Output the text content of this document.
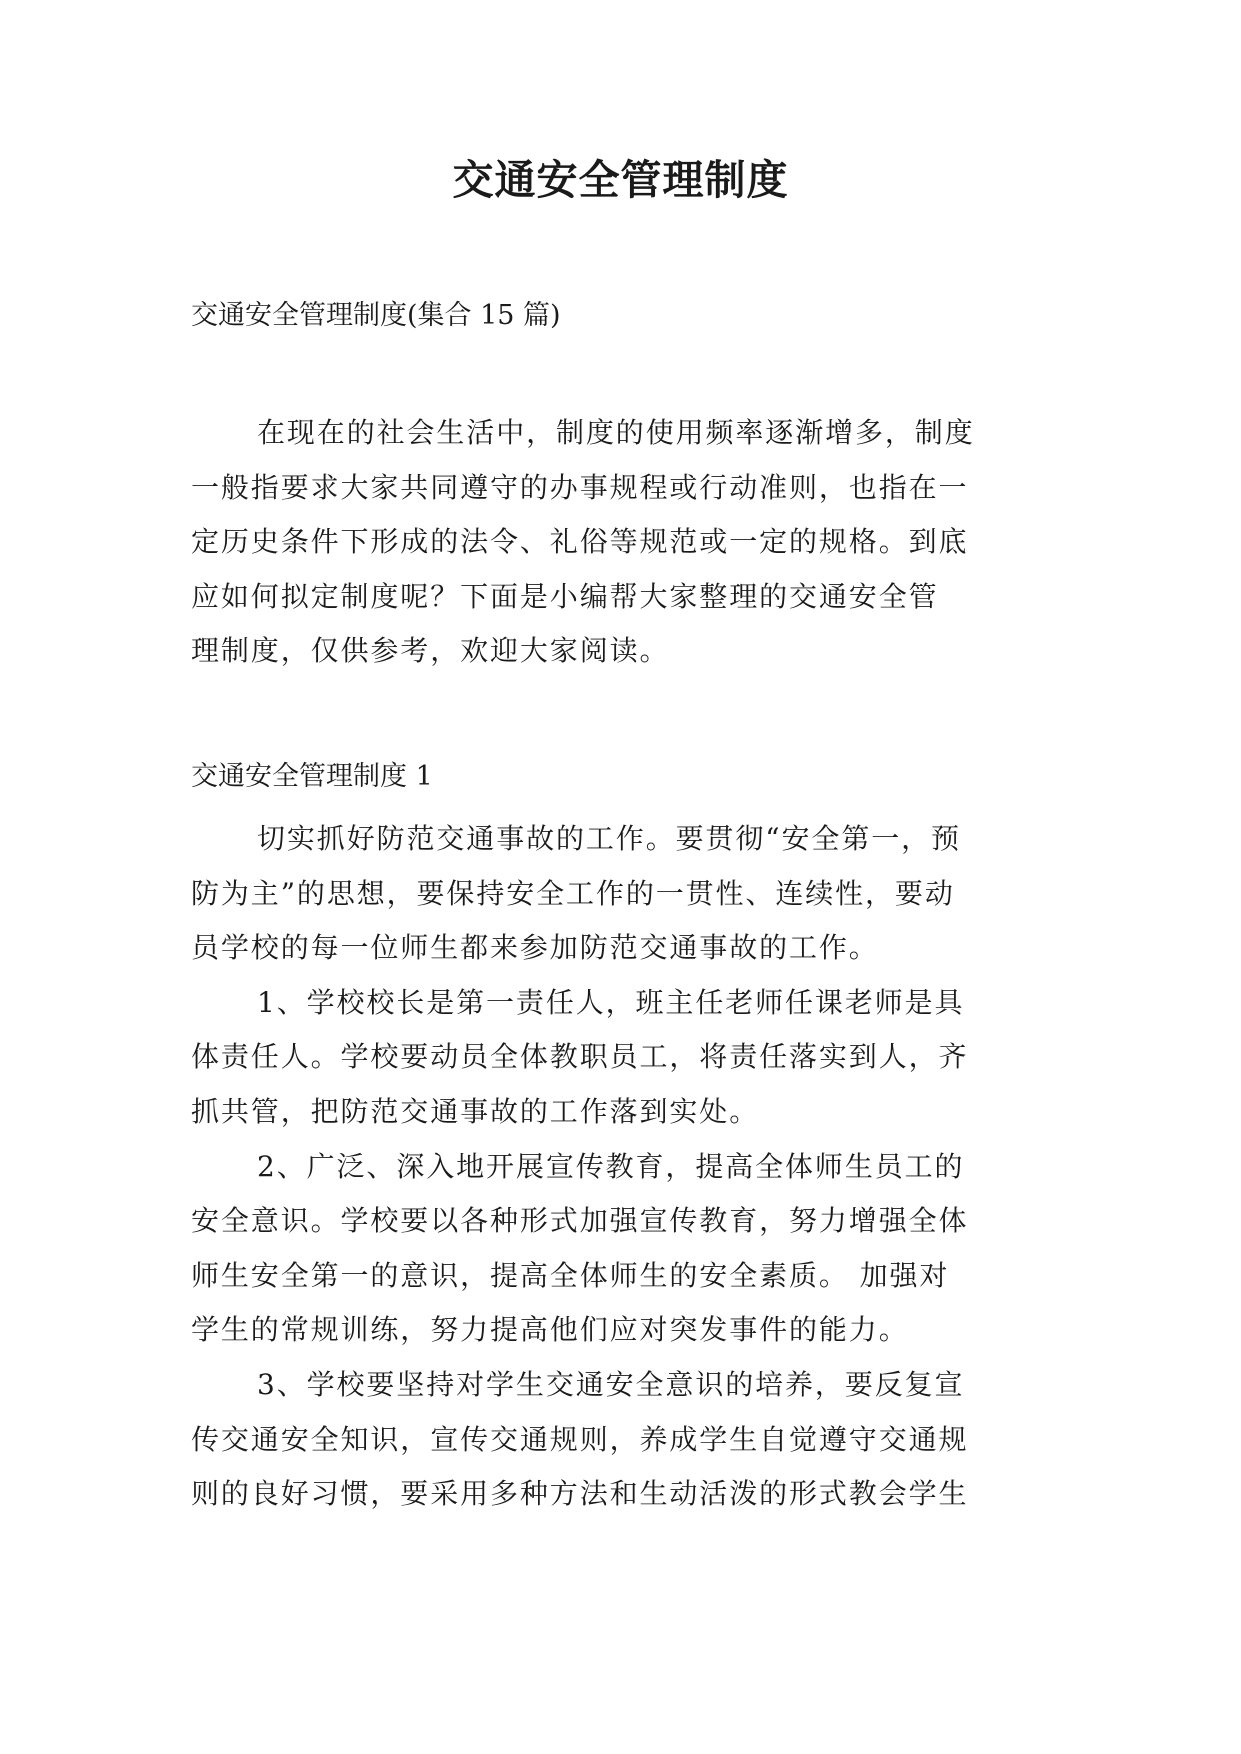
交通安全管理制度

交通安全管理制度(集合 15 篇)

在现在的社会生活中，制度的使用频率逐渐增多，制度
一般指要求大家共同遵守的办事规程或行动准则，也指在一
定历史条件下形成的法令、礼俗等规范或一定的规格。到底
应如何拟定制度呢？下面是小编帮大家整理的交通安全管
理制度，仅供参考，欢迎大家阅读。

交通安全管理制度 1

切实抓好防范交通事故的工作。要贯彻“安全第一，预
防为主”的思想，要保持安全工作的一贯性、连续性，要动
员学校的每一位师生都来参加防范交通事故的工作。

1、学校校长是第一责任人，班主任老师任课老师是具
体责任人。学校要动员全体教职员工，将责任落实到人，齐
抓共管，把防范交通事故的工作落到实处。

2、广泛、深入地开展宣传教育，提高全体师生员工的
安全意识。学校要以各种形式加强宣传教育，努力增强全体
师生安全第一的意识，提高全体师生的安全素质。 加强对
学生的常规训练，努力提高他们应对突发事件的能力。

3、学校要坚持对学生交通安全意识的培养，要反复宣
传交通安全知识，宣传交通规则，养成学生自觉遵守交通规
则的良好习惯，要采用多种方法和生动活泼的形式教会学生
